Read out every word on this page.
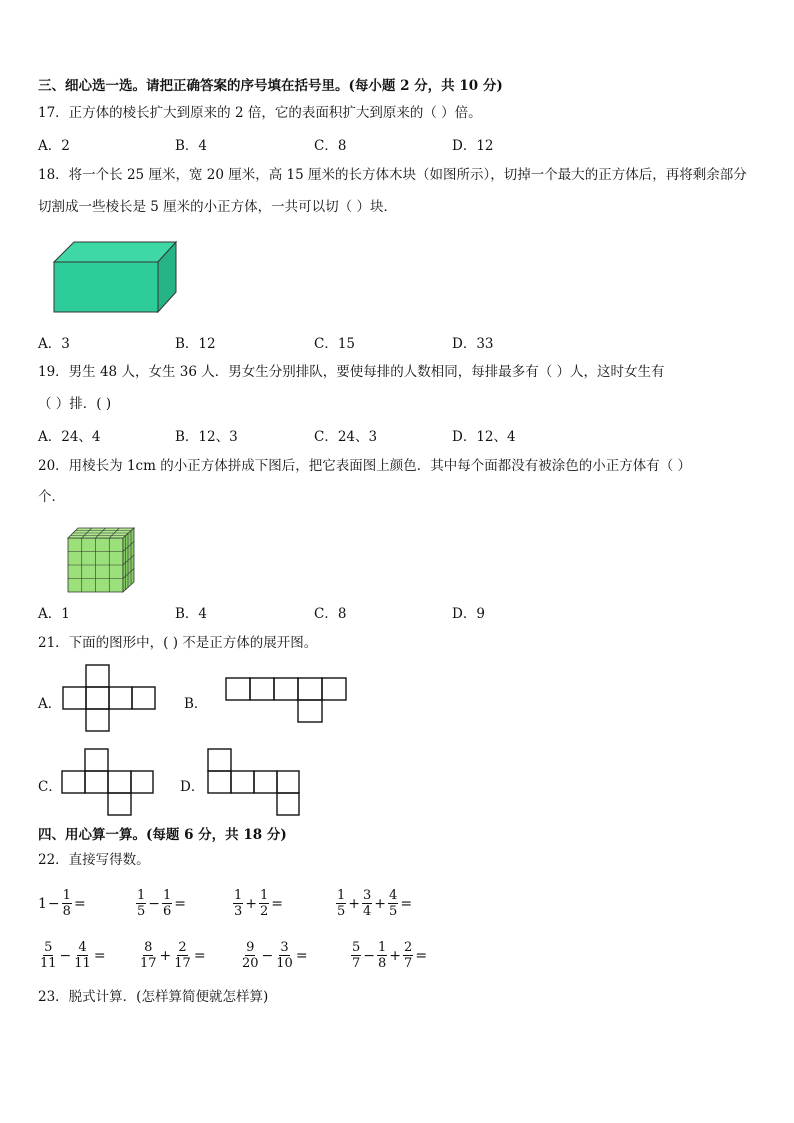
三、细心选一选。请把正确答案的序号填在括号里。(每小题 2 分，共 10 分)
17．正方体的棱长扩大到原来的 2 倍，它的表面积扩大到原来的（ ）倍。
A．2	B．4	C．8	D．12
18．将一个长 25 厘米，宽 20 厘米，高 15 厘米的长方体木块（如图所示），切掉一个最大的正方体后，再将剩余部分
切割成一些棱长是 5 厘米的小正方体，一共可以切（ ）块．
A．3	B．12	C．15	D．33
19．男生 48 人，女生 36 人．男女生分别排队，要使每排的人数相同，每排最多有（ ）人，这时女生有
（ ）排．( )
A．24、4	B．12、3	C．24、3	D．12、4
20．用棱长为 1cm 的小正方体拼成下图后，把它表面图上颜色．其中每个面都没有被涂色的小正方体有（ ）
个．
A．1	B．4	C．8	D．9
21．下面的图形中，( ) 不是正方体的展开图。
A．	B．
C．	D．
四、用心算一算。(每题 6 分，共 18 分)
22．直接写得数。
$1 - \frac{1}{8}$ =	$\frac{1}{5} - \frac{1}{6}$ =	$\frac{1}{3} + \frac{1}{2}$ =	$\frac{1}{5} + \frac{3}{4} + \frac{4}{5}$ =
$\frac{5}{11} - \frac{4}{11}$ =	$\frac{8}{17} + \frac{2}{17}$ =	$\frac{9}{20} - \frac{3}{10}$ =	$\frac{5}{7} - \frac{1}{8} + \frac{2}{7}$ =
23．脱式计算．(怎样算简便就怎样算)
